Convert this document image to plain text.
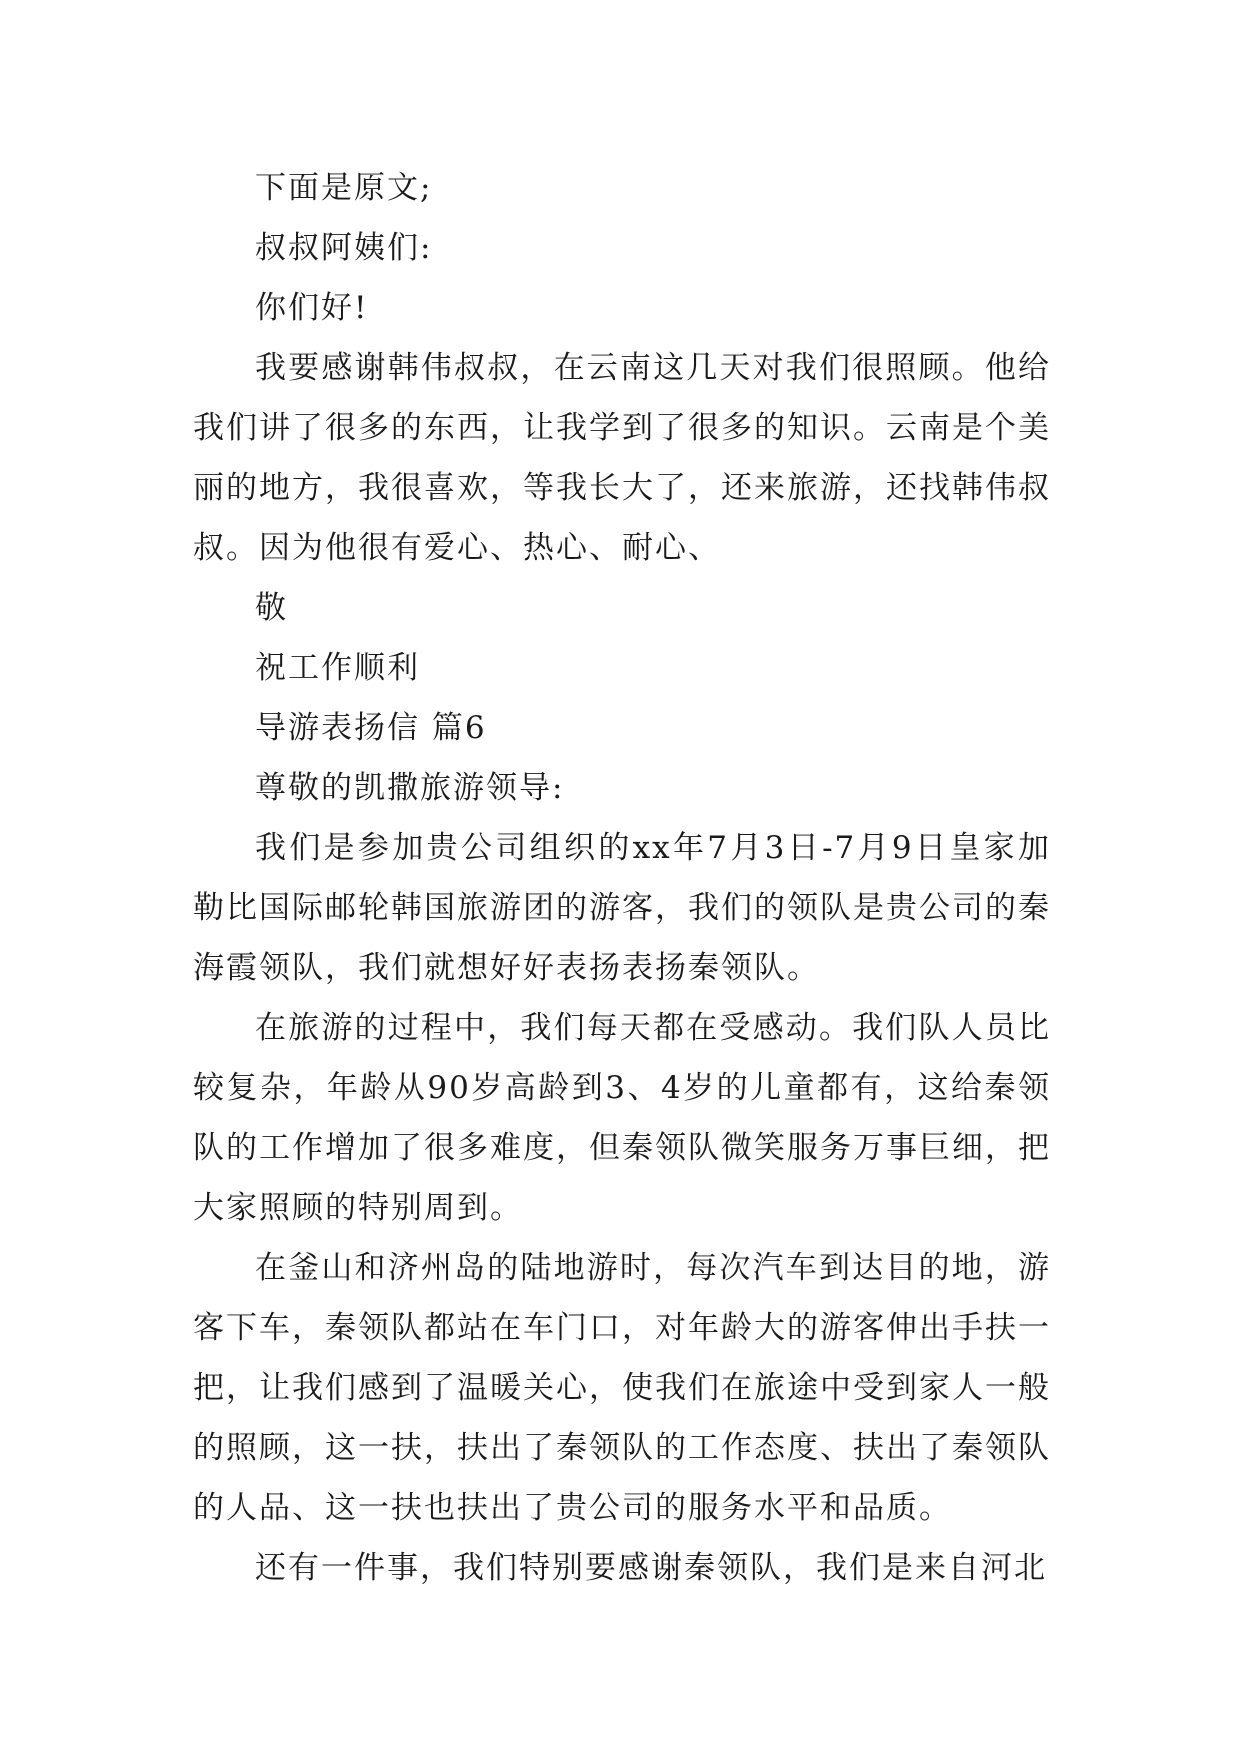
下面是原文;

叔叔阿姨们:

你们好!

我要感谢韩伟叔叔，在云南这几天对我们很照顾。他给我们讲了很多的东西，让我学到了很多的知识。云南是个美丽的地方，我很喜欢，等我长大了，还来旅游，还找韩伟叔叔。因为他很有爱心、热心、耐心、

敬

祝工作顺利

导游表扬信 篇6

尊敬的凯撒旅游领导:

我们是参加贵公司组织的xx年7月3日-7月9日皇家加勒比国际邮轮韩国旅游团的游客，我们的领队是贵公司的秦海霞领队，我们就想好好表扬表扬秦领队。

在旅游的过程中，我们每天都在受感动。我们队人员比较复杂，年龄从90岁高龄到3、4岁的儿童都有，这给秦领队的工作增加了很多难度，但秦领队微笑服务万事巨细，把大家照顾的特别周到。

在釜山和济州岛的陆地游时，每次汽车到达目的地，游客下车，秦领队都站在车门口，对年龄大的游客伸出手扶一把，让我们感到了温暖关心，使我们在旅途中受到家人一般的照顾，这一扶，扶出了秦领队的工作态度、扶出了秦领队的人品、这一扶也扶出了贵公司的服务水平和品质。

还有一件事，我们特别要感谢秦领队，我们是来自河北
